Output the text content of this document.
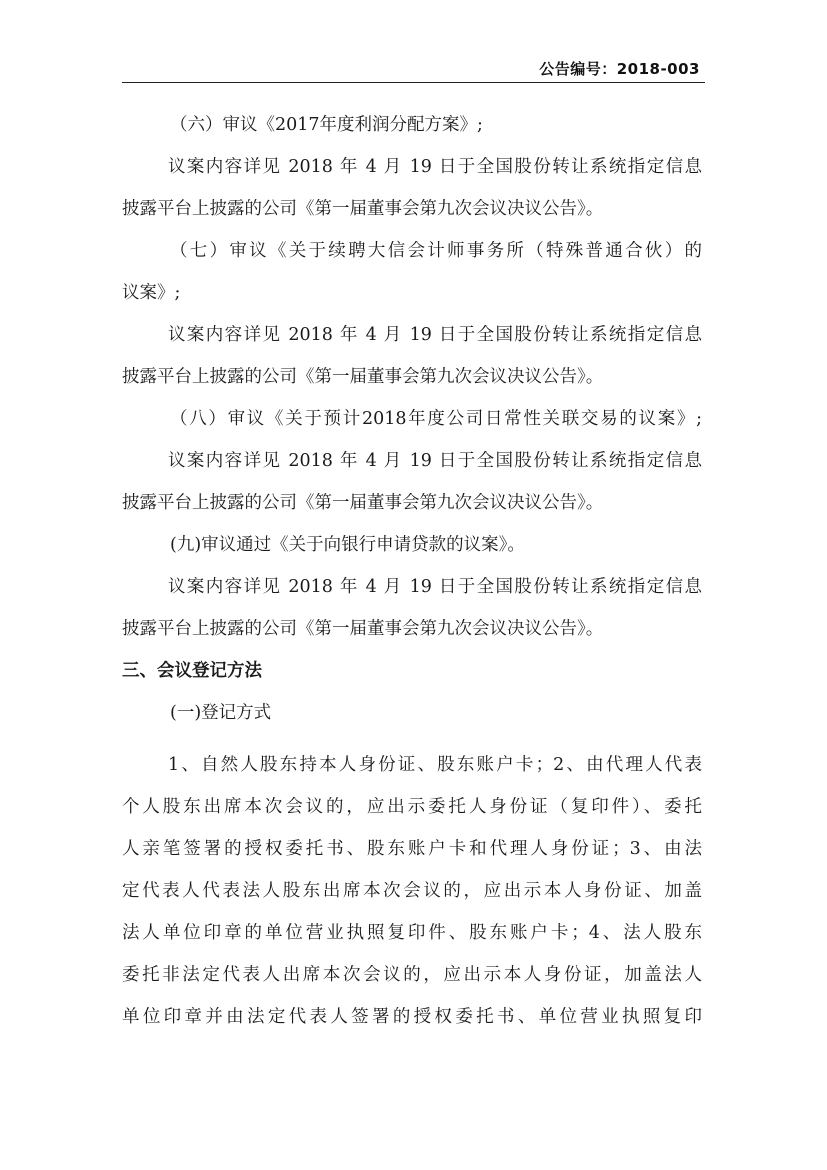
公告编号：2018-003
（六）审议《2017年度利润分配方案》;
议案内容详见 2018 年 4 月 19 日于全国股份转让系统指定信息
披露平台上披露的公司《第一届董事会第九次会议决议公告》。
（七）审议《关于续聘大信会计师事务所（特殊普通合伙）的
议案》;
议案内容详见 2018 年 4 月 19 日于全国股份转让系统指定信息
披露平台上披露的公司《第一届董事会第九次会议决议公告》。
（八）审议《关于预计2018年度公司日常性关联交易的议案》;
议案内容详见 2018 年 4 月 19 日于全国股份转让系统指定信息
披露平台上披露的公司《第一届董事会第九次会议决议公告》。
(九)审议通过《关于向银行申请贷款的议案》。
议案内容详见 2018 年 4 月 19 日于全国股份转让系统指定信息
披露平台上披露的公司《第一届董事会第九次会议决议公告》。
三、会议登记方法
(一)登记方式
1、自然人股东持本人身份证、股东账户卡；2、由代理人代表
个人股东出席本次会议的，应出示委托人身份证（复印件）、委托
人亲笔签署的授权委托书、股东账户卡和代理人身份证；3、由法
定代表人代表法人股东出席本次会议的，应出示本人身份证、加盖
法人单位印章的单位营业执照复印件、股东账户卡；4、法人股东
委托非法定代表人出席本次会议的，应出示本人身份证，加盖法人
单位印章并由法定代表人签署的授权委托书、单位营业执照复印
